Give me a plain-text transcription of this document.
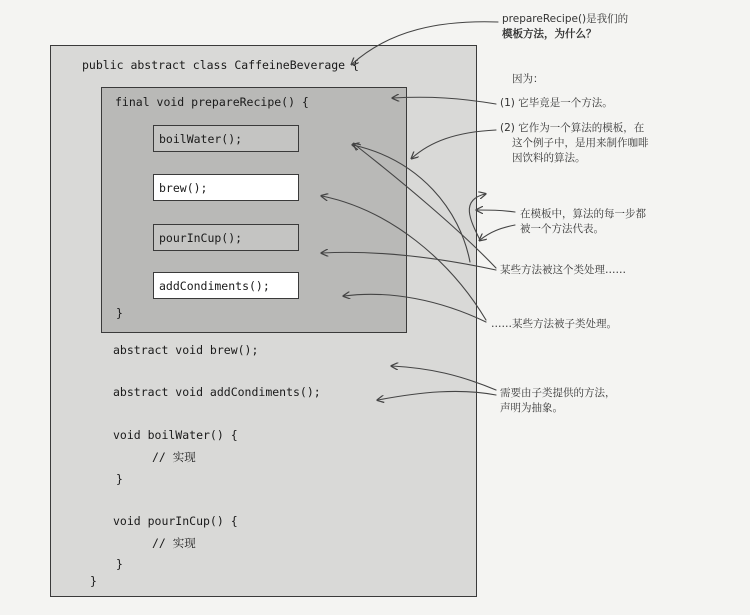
public abstract class CaffeineBeverage {
final void prepareRecipe() {
boilWater();
brew();
pourInCup();
addCondiments();
}
abstract void brew();
abstract void addCondiments();
void boilWater() {
// 实现
}
void pourInCup() {
// 实现
}
}
prepareRecipe()是我们的
模板方法，为什么？
因为：
(1) 它毕竟是一个方法。
(2) 它作为一个算法的模板，在
这个例子中，是用来制作咖啡
因饮料的算法。
在模板中，算法的每一步都
被一个方法代表。
某些方法被这个类处理……
……某些方法被子类处理。
需要由子类提供的方法，
声明为抽象。
